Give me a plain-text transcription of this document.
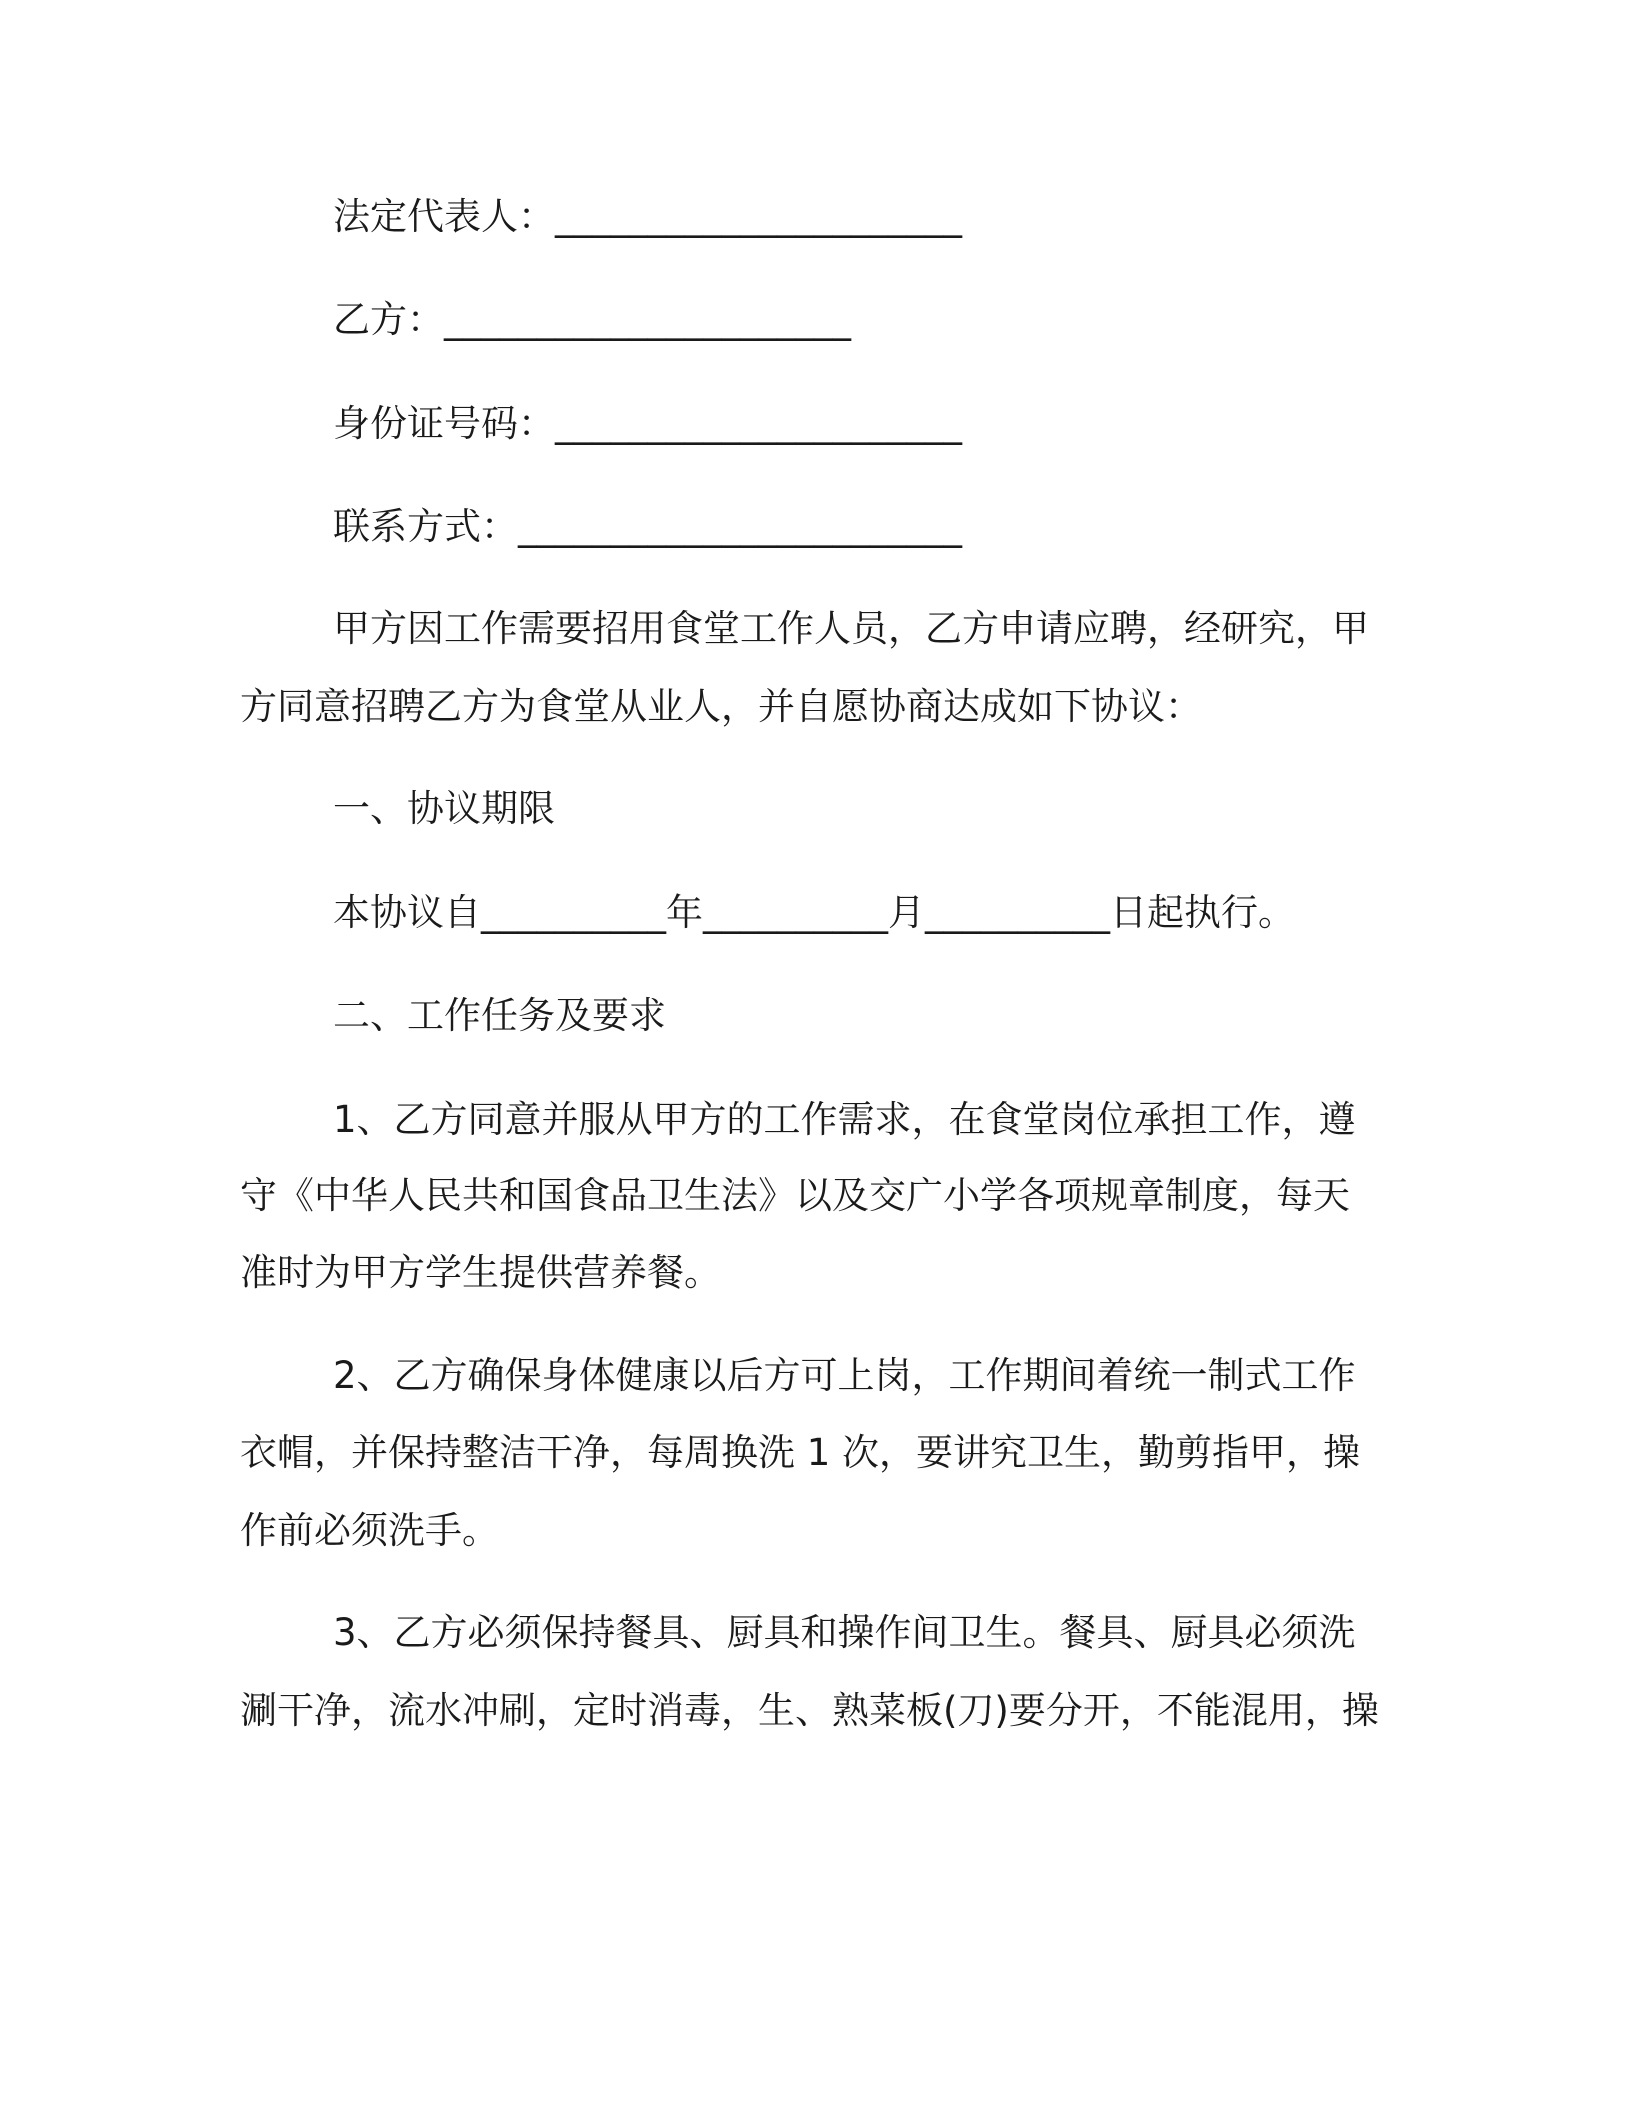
法定代表人：______________________
乙方：______________________
身份证号码：______________________
联系方式：________________________
甲方因工作需要招用食堂工作人员，乙方申请应聘，经研究，甲
方同意招聘乙方为食堂从业人，并自愿协商达成如下协议：
一、协议期限
本协议自__________年__________月__________日起执行。
二、工作任务及要求
1、乙方同意并服从甲方的工作需求，在食堂岗位承担工作，遵
守《中华人民共和国食品卫生法》以及交广小学各项规章制度，每天
准时为甲方学生提供营养餐。
2、乙方确保身体健康以后方可上岗，工作期间着统一制式工作
衣帽，并保持整洁干净，每周换洗 1 次，要讲究卫生，勤剪指甲，操
作前必须洗手。
3、乙方必须保持餐具、厨具和操作间卫生。餐具、厨具必须洗
涮干净，流水冲刷，定时消毒，生、熟菜板(刀)要分开，不能混用，操
